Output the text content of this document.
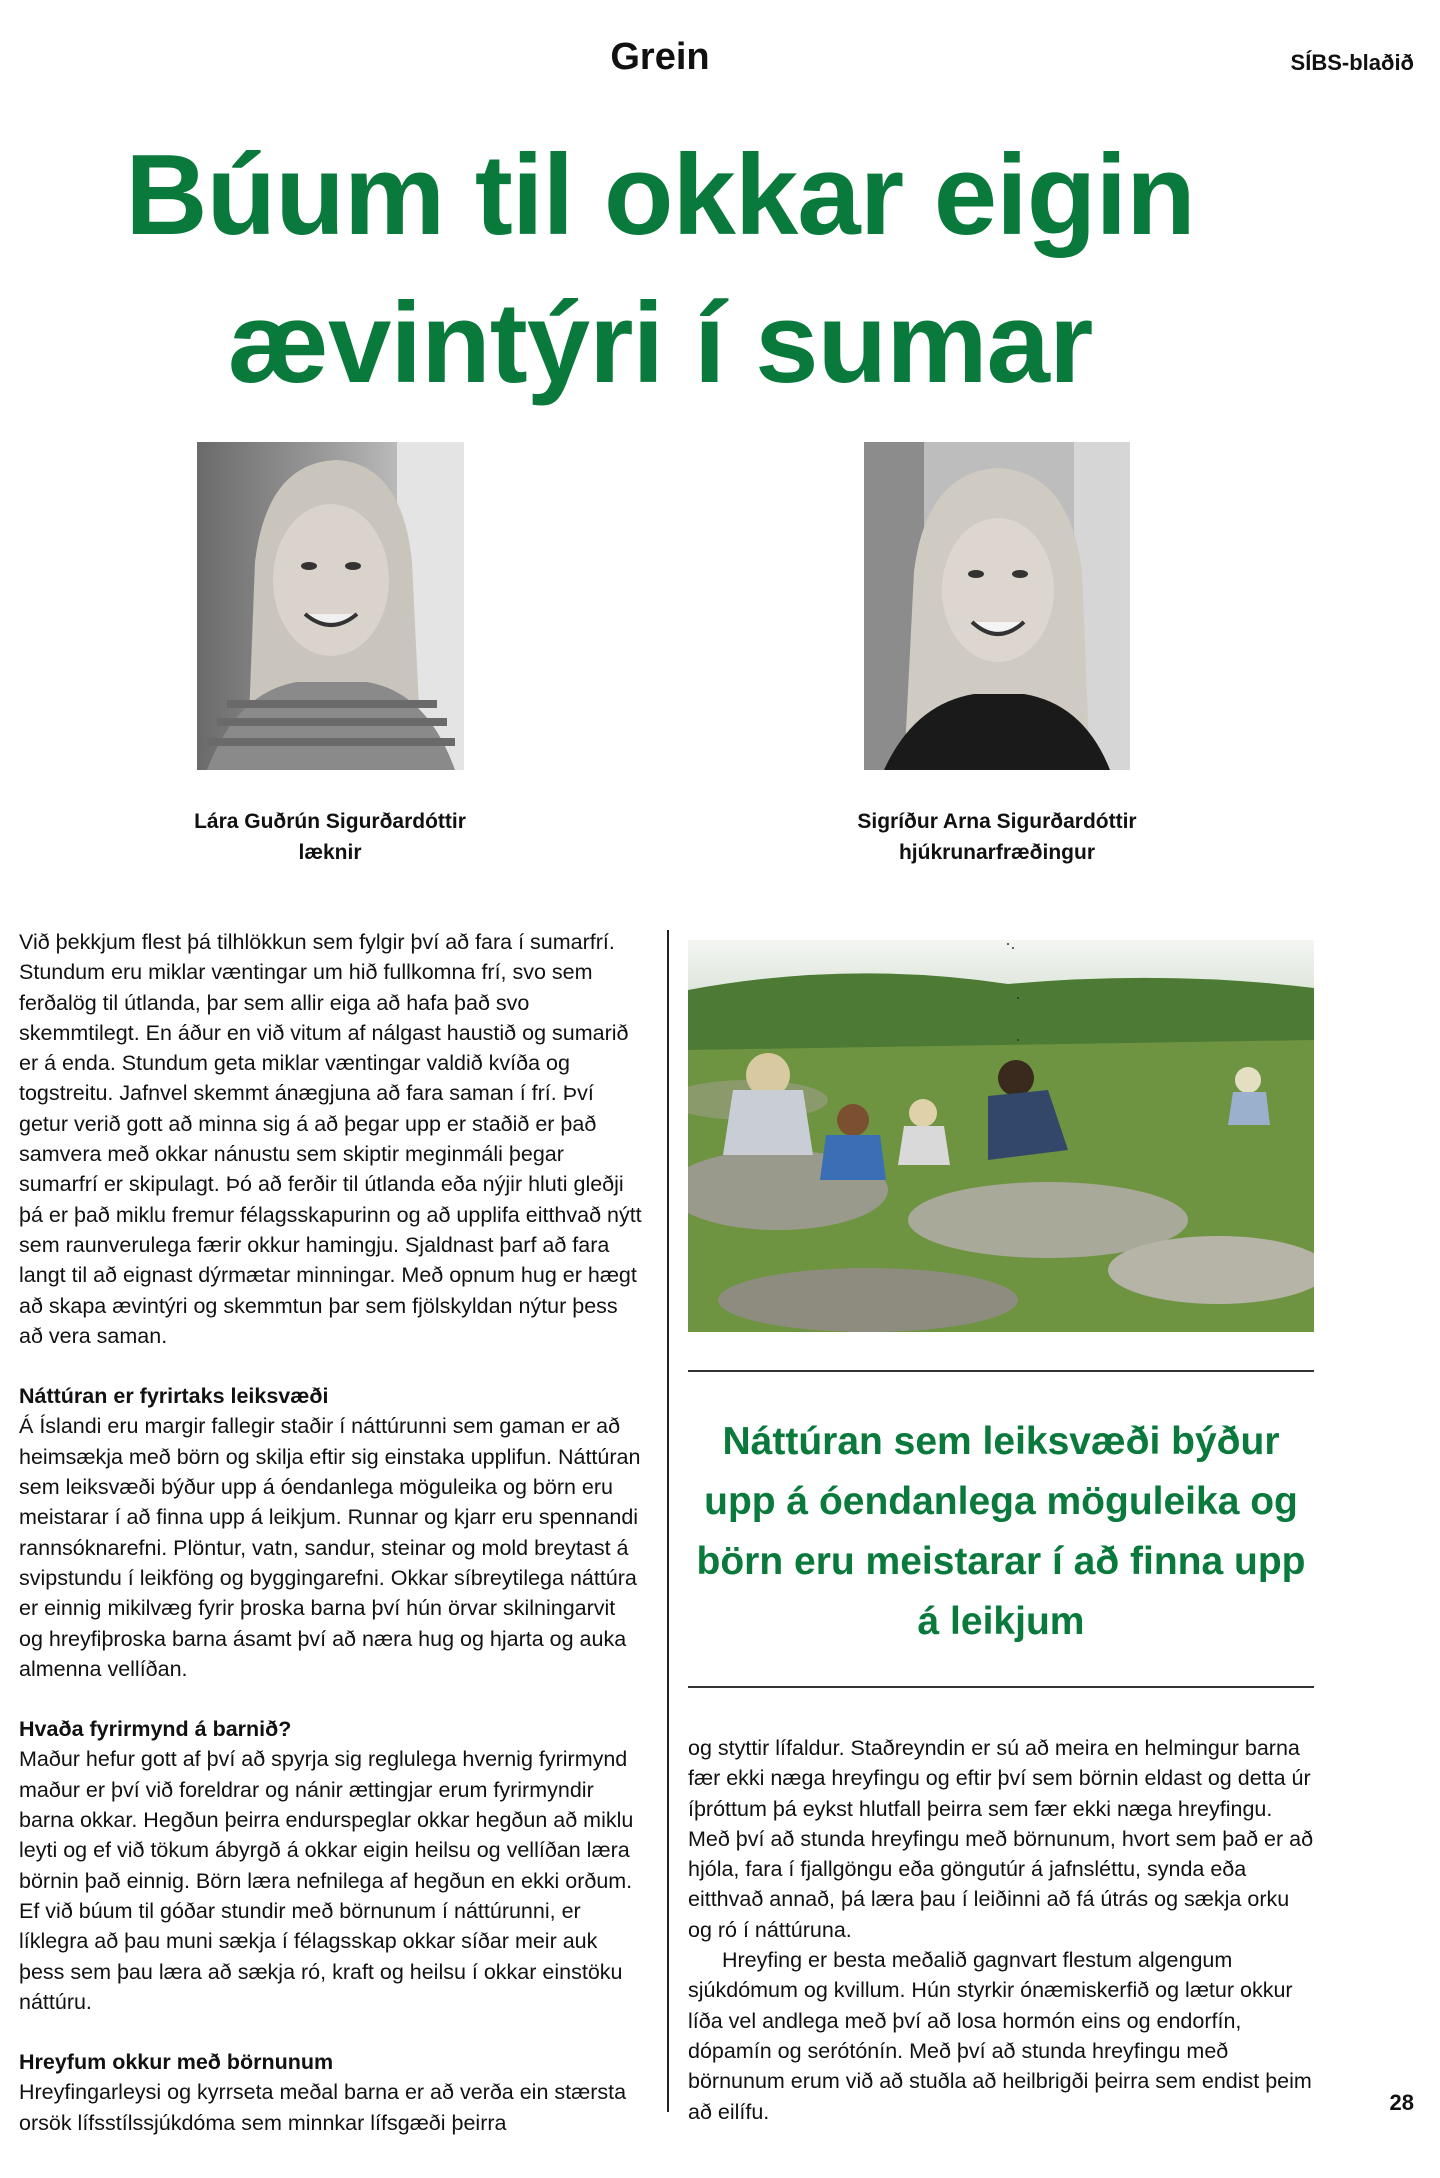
Grein	SÍBS-blaðið
Búum til okkar eigin
ævintýri í sumar
Lára Guðrún Sigurðardóttir
læknir
Sigríður Arna Sigurðardóttir
hjúkrunarfræðingur

Við þekkjum flest þá tilhlökkun sem fylgir því að fara í sumarfrí. Stundum eru miklar væntingar um hið fullkomna frí, svo sem ferðalög til útlanda, þar sem allir eiga að hafa það svo skemmtilegt. En áður en við vitum af nálgast haustið og sumarið er á enda. Stundum geta miklar væntingar valdið kvíða og togstreitu. Jafnvel skemmt ánægjuna að fara saman í frí. Því getur verið gott að minna sig á að þegar upp er staðið er það samvera með okkar nánustu sem skiptir meginmáli þegar sumarfrí er skipulagt. Þó að ferðir til útlanda eða nýjir hluti gleðji þá er það miklu fremur félagsskapurinn og að upplifa eitthvað nýtt sem raunverulega færir okkur hamingju. Sjaldnast þarf að fara langt til að eignast dýrmætar minningar. Með opnum hug er hægt að skapa ævintýri og skemmtun þar sem fjölskyldan nýtur þess að vera saman.

Náttúran er fyrirtaks leiksvæði

Á Íslandi eru margir fallegir staðir í náttúrunni sem gaman er að heimsækja með börn og skilja eftir sig einstaka upplifun. Náttúran sem leiksvæði býður upp á óendanlega möguleika og börn eru meistarar í að finna upp á leikjum. Runnar og kjarr eru spennandi rannsóknarefni. Plöntur, vatn, sandur, steinar og mold breytast á svipstundu í leikföng og byggingarefni. Okkar síbreytilega náttúra er einnig mikilvæg fyrir þroska barna því hún örvar skilningarvit og hreyfiþroska barna ásamt því að næra hug og hjarta og auka almenna vellíðan.

Hvaða fyrirmynd á barnið?

Maður hefur gott af því að spyrja sig reglulega hvernig fyrirmynd maður er því við foreldrar og nánir ættingjar erum fyrirmyndir barna okkar. Hegðun þeirra endurspeglar okkar hegðun að miklu leyti og ef við tökum ábyrgð á okkar eigin heilsu og vellíðan læra börnin það einnig. Börn læra nefnilega af hegðun en ekki orðum. Ef við búum til góðar stundir með börnunum í náttúrunni, er líklegra að þau muni sækja í félagsskap okkar síðar meir auk þess sem þau læra að sækja ró, kraft og heilsu í okkar einstöku náttúru.

Hreyfum okkur með börnunum

Hreyfingarleysi og kyrrseta meðal barna er að verða ein stærsta orsök lífsstílssjúkdóma sem minnkar lífsgæði þeirra

Náttúran sem leiksvæði býður upp á óendanlega möguleika og börn eru meistarar í að finna upp á leikjum

og styttir lífaldur. Staðreyndin er sú að meira en helmingur barna fær ekki næga hreyfingu og eftir því sem börnin eldast og detta úr íþróttum þá eykst hlutfall þeirra sem fær ekki næga hreyfingu. Með því að stunda hreyfingu með börnunum, hvort sem það er að hjóla, fara í fjallgöngu eða göngutúr á jafnsléttu, synda eða eitthvað annað, þá læra þau í leiðinni að fá útrás og sækja orku og ró í náttúruna.

Hreyfing er besta meðalið gagnvart flestum algengum sjúkdómum og kvillum. Hún styrkir ónæmiskerfið og lætur okkur líða vel andlega með því að losa hormón eins og endorfín, dópamín og serótónín. Með því að stunda hreyfingu með börnunum erum við að stuðla að heilbrigði þeirra sem endist þeim að eilífu.	28
